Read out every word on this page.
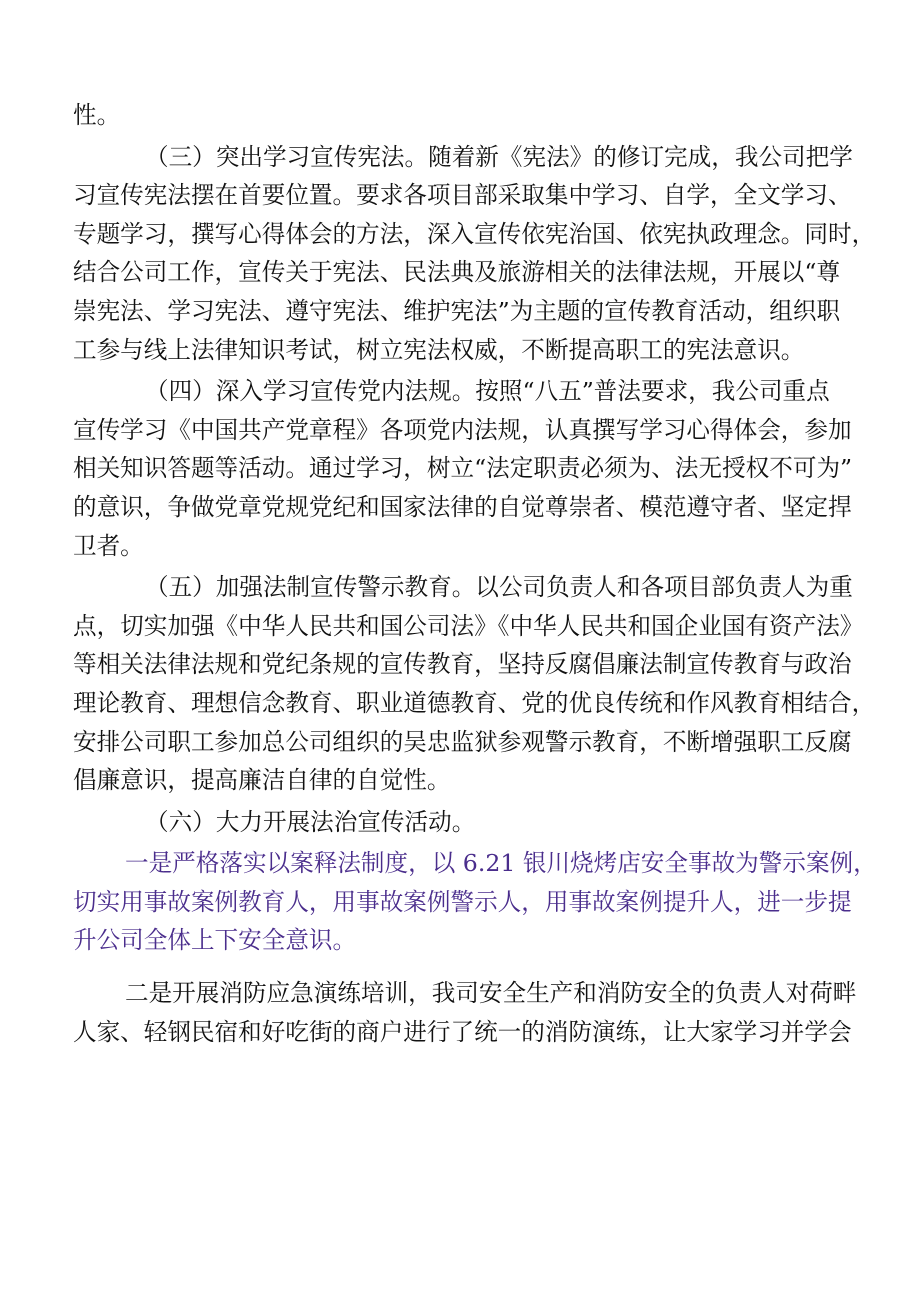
性。

（三）突出学习宣传宪法。随着新《宪法》的修订完成，我公司把学
习宣传宪法摆在首要位置。要求各项目部采取集中学习、自学，全文学习、
专题学习，撰写心得体会的方法，深入宣传依宪治国、依宪执政理念。同时，
结合公司工作，宣传关于宪法、民法典及旅游相关的法律法规，开展以“尊
崇宪法、学习宪法、遵守宪法、维护宪法”为主题的宣传教育活动，组织职
工参与线上法律知识考试，树立宪法权威，不断提高职工的宪法意识。

（四）深入学习宣传党内法规。按照“八五”普法要求，我公司重点
宣传学习《中国共产党章程》各项党内法规，认真撰写学习心得体会，参加
相关知识答题等活动。通过学习，树立“法定职责必须为、法无授权不可为”
的意识，争做党章党规党纪和国家法律的自觉尊崇者、模范遵守者、坚定捍
卫者。

（五）加强法制宣传警示教育。以公司负责人和各项目部负责人为重
点，切实加强《中华人民共和国公司法》《中华人民共和国企业国有资产法》
等相关法律法规和党纪条规的宣传教育，坚持反腐倡廉法制宣传教育与政治
理论教育、理想信念教育、职业道德教育、党的优良传统和作风教育相结合，
安排公司职工参加总公司组织的吴忠监狱参观警示教育，不断增强职工反腐
倡廉意识，提高廉洁自律的自觉性。

（六）大力开展法治宣传活动。

一是严格落实以案释法制度，以 6.21 银川烧烤店安全事故为警示案例，
切实用事故案例教育人，用事故案例警示人，用事故案例提升人，进一步提
升公司全体上下安全意识。

二是开展消防应急演练培训，我司安全生产和消防安全的负责人对荷畔
人家、轻钢民宿和好吃街的商户进行了统一的消防演练，让大家学习并学会
